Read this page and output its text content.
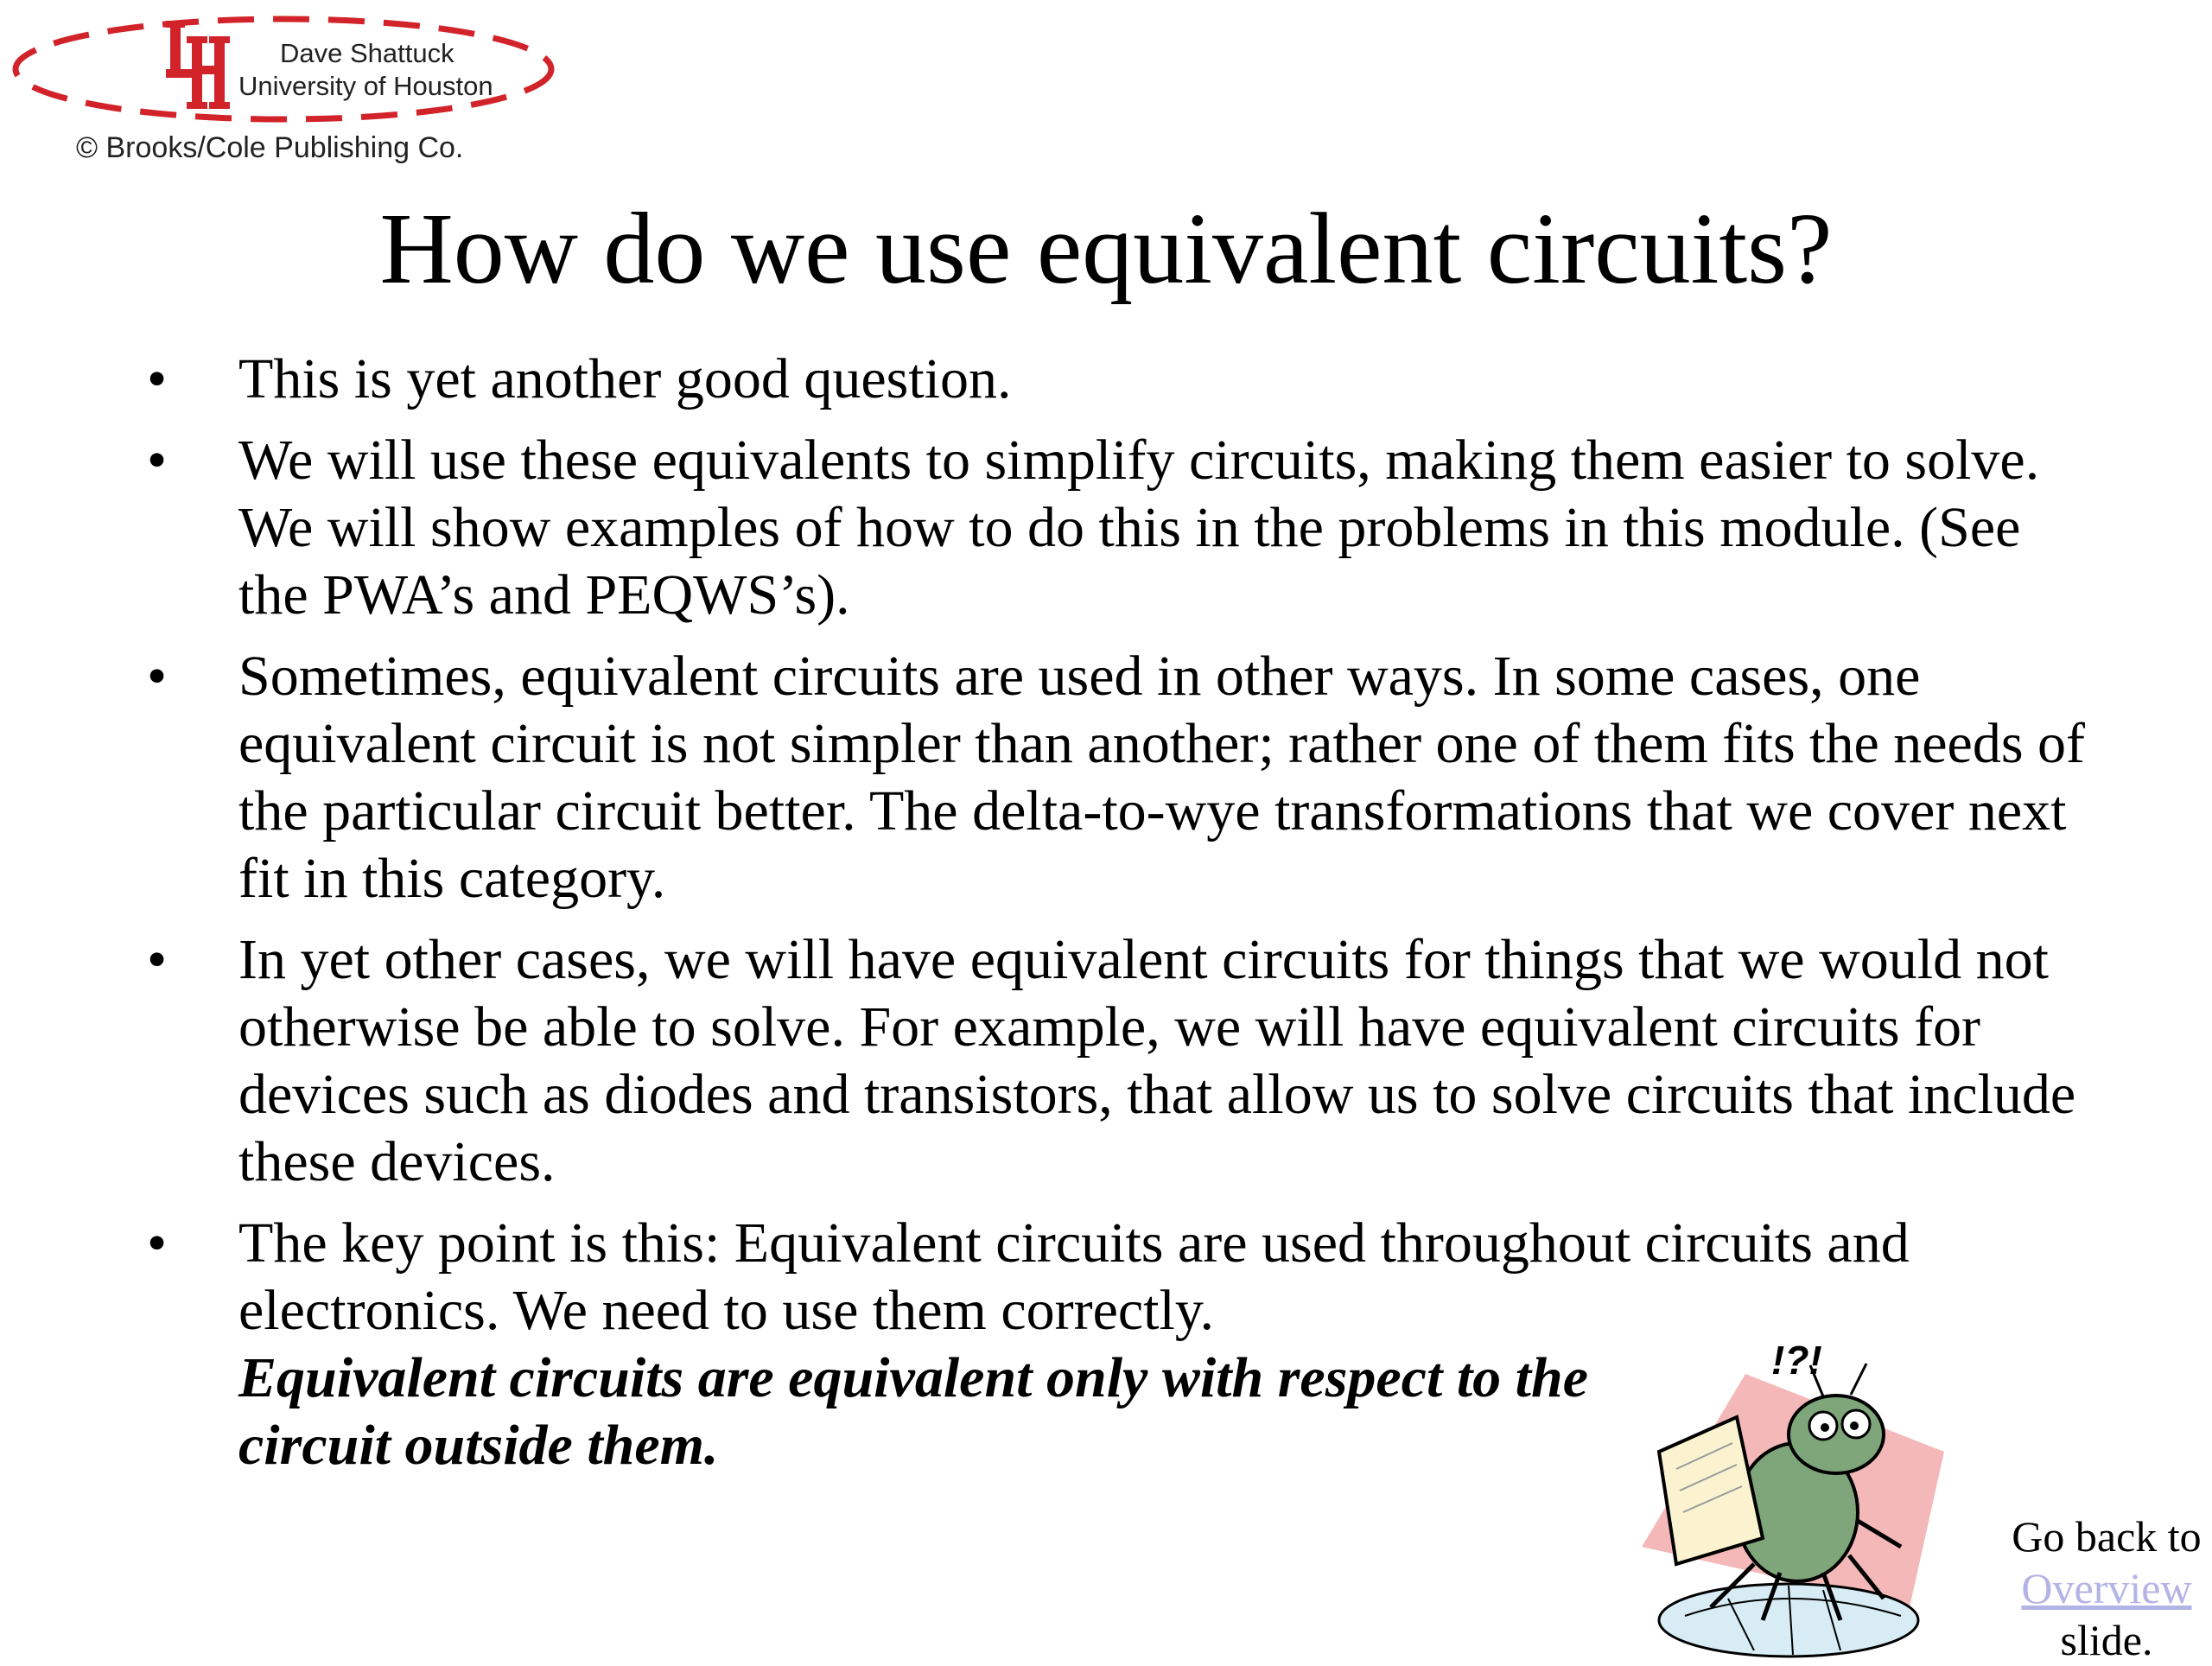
Dave Shattuck
University of Houston
© Brooks/Cole Publishing Co.
How do we use equivalent circuits?
• This is yet another good question.
• We will use these equivalents to simplify circuits, making them easier to solve. We will show examples of how to do this in the problems in this module. (See the PWA’s and PEQWS’s).
• Sometimes, equivalent circuits are used in other ways. In some cases, one equivalent circuit is not simpler than another; rather one of them fits the needs of the particular circuit better. The delta-to-wye transformations that we cover next fit in this category.
• In yet other cases, we will have equivalent circuits for things that we would not otherwise be able to solve. For example, we will have equivalent circuits for devices such as diodes and transistors, that allow us to solve circuits that include these devices.
• The key point is this: Equivalent circuits are used throughout circuits and electronics. We need to use them correctly.
Equivalent circuits are equivalent only with respect to the circuit outside them.
!?!
Go back to
Overview
slide.
